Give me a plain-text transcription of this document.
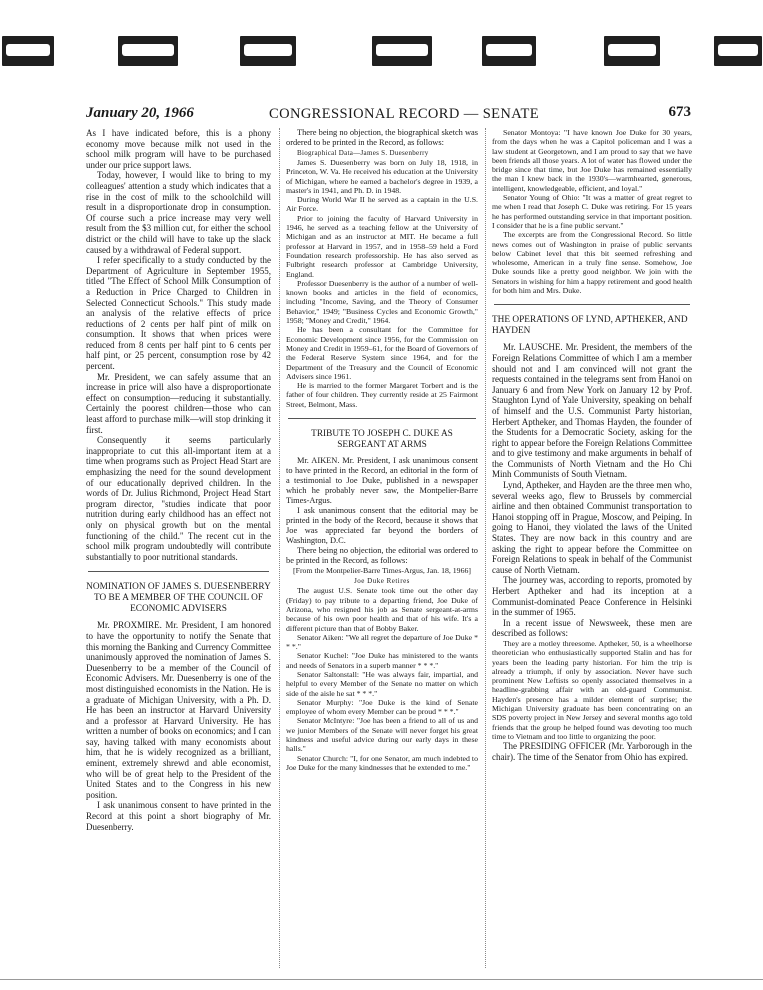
January 20, 1966	CONGRESSIONAL RECORD — SENATE	673

As I have indicated before, this is a phony economy move because milk not used in the school milk program will have to be purchased under our price support laws.

Today, however, I would like to bring to my colleagues' attention a study which indicates that a rise in the cost of milk to the schoolchild will result in a disproportionate drop in consumption. Of course such a price increase may very well result from the $3 million cut, for either the school district or the child will have to take up the slack caused by a withdrawal of Federal support.

I refer specifically to a study conducted by the Department of Agriculture in September 1955, titled "The Effect of School Milk Consumption of a Reduction in Price Charged to Children in Selected Connecticut Schools." This study made an analysis of the relative effects of price reductions of 2 cents per half pint of milk on consumption. It shows that when prices were reduced from 8 cents per half pint to 6 cents per half pint, or 25 percent, consumption rose by 42 percent.

Mr. President, we can safely assume that an increase in price will also have a disproportionate effect on consumption—reducing it substantially. Certainly the poorest children—those who can least afford to purchase milk—will stop drinking it first.

Consequently it seems particularly inappropriate to cut this all-important item at a time when programs such as Project Head Start are emphasizing the need for the sound development of our educationally deprived children. In the words of Dr. Julius Richmond, Project Head Start program director, "studies indicate that poor nutrition during early childhood has an effect not only on physical growth but on the mental functioning of the child." The recent cut in the school milk program undoubtedly will contribute substantially to poor nutritional standards.

NOMINATION OF JAMES S. DUESENBERRY TO BE A MEMBER OF THE COUNCIL OF ECONOMIC ADVISERS

Mr. PROXMIRE. Mr. President, I am honored to have the opportunity to notify the Senate that this morning the Banking and Currency Committee unanimously approved the nomination of James S. Duesenberry to be a member of the Council of Economic Advisers. Mr. Duesenberry is one of the most distinguished economists in the Nation. He is a graduate of Michigan University, with a Ph. D. He has been an instructor at Harvard University and a professor at Harvard University. He has written a number of books on economics; and I can say, having talked with many economists about him, that he is widely recognized as a brilliant, eminent, extremely shrewd and able economist, who will be of great help to the President of the United States and to the Congress in his new position.

I ask unanimous consent to have printed in the Record at this point a short biography of Mr. Duesenberry.

There being no objection, the biographical sketch was ordered to be printed in the Record, as follows:

Biographical Data—James S. Duesenberry

James S. Duesenberry was born on July 18, 1918, in Princeton, W. Va. He received his education at the University of Michigan, where he earned a bachelor's degree in 1939, a master's in 1941, and Ph. D. in 1948.

During World War II he served as a captain in the U.S. Air Force.

Prior to joining the faculty of Harvard University in 1946, he served as a teaching fellow at the University of Michigan and as an instructor at MIT. He became a full professor at Harvard in 1957, and in 1958–59 held a Ford Foundation research professorship. He has also served as Fulbright research professor at Cambridge University, England.

Professor Duesenberry is the author of a number of well-known books and articles in the field of economics, including "Income, Saving, and the Theory of Consumer Behavior," 1949; "Business Cycles and Economic Growth," 1958; "Money and Credit," 1964.

He has been a consultant for the Committee for Economic Development since 1956, for the Commission on Money and Credit in 1959–61, for the Board of Governors of the Federal Reserve System since 1964, and for the Department of the Treasury and the Council of Economic Advisers since 1961.

He is married to the former Margaret Torbert and is the father of four children. They currently reside at 25 Fairmont Street, Belmont, Mass.

TRIBUTE TO JOSEPH C. DUKE AS SERGEANT AT ARMS

Mr. AIKEN. Mr. President, I ask unanimous consent to have printed in the Record, an editorial in the form of a testimonial to Joe Duke, published in a newspaper which he probably never saw, the Montpelier-Barre Times-Argus.

I ask unanimous consent that the editorial may be printed in the body of the Record, because it shows that Joe was appreciated far beyond the borders of Washington, D.C.

There being no objection, the editorial was ordered to be printed in the Record, as follows:

[From the Montpelier-Barre Times-Argus, Jan. 18, 1966]

Joe Duke Retires

The august U.S. Senate took time out the other day (Friday) to pay tribute to a departing friend, Joe Duke of Arizona, who resigned his job as Senate sergeant-at-arms because of his own poor health and that of his wife. It's a different picture than that of Bobby Baker.

Senator Aiken: "We all regret the departure of Joe Duke * * *."

Senator Kuchel: "Joe Duke has ministered to the wants and needs of Senators in a superb manner * * *."

Senator Saltonstall: "He was always fair, impartial, and helpful to every Member of the Senate no matter on which side of the aisle he sat * * *."

Senator Murphy: "Joe Duke is the kind of Senate employee of whom every Member can be proud * * *."

Senator McIntyre: "Joe has been a friend to all of us and we junior Members of the Senate will never forget his great kindness and useful advice during our early days in these halls."

Senator Church: "I, for one Senator, am much indebted to Joe Duke for the many kindnesses that he extended to me."

Senator Montoya: "I have known Joe Duke for 30 years, from the days when he was a Capitol policeman and I was a law student at Georgetown, and I am proud to say that we have been friends all those years. A lot of water has flowed under the bridge since that time, but Joe Duke has remained essentially the man I knew back in the 1930's—warmhearted, generous, intelligent, knowledgeable, efficient, and loyal."

Senator Young of Ohio: "It was a matter of great regret to me when I read that Joseph C. Duke was retiring. For 15 years he has performed outstanding service in that important position. I consider that he is a fine public servant."

The excerpts are from the Congressional Record. So little news comes out of Washington in praise of public servants below Cabinet level that this bit seemed refreshing and wholesome, American in a truly fine sense. Somehow, Joe Duke sounds like a pretty good neighbor. We join with the Senators in wishing for him a happy retirement and good health for both him and Mrs. Duke.

THE OPERATIONS OF LYND, APTHEKER, AND HAYDEN

Mr. LAUSCHE. Mr. President, the members of the Foreign Relations Committee of which I am a member should not and I am convinced will not grant the requests contained in the telegrams sent from Hanoi on January 6 and from New York on January 12 by Prof. Staughton Lynd of Yale University, speaking on behalf of himself and the U.S. Communist Party historian, Herbert Aptheker, and Thomas Hayden, the founder of the Students for a Democratic Society, asking for the right to appear before the Foreign Relations Committee and to give testimony and make arguments in behalf of the Communists of North Vietnam and the Ho Chi Minh Communists of South Vietnam.

Lynd, Aptheker, and Hayden are the three men who, several weeks ago, flew to Brussels by commercial airline and then obtained Communist transportation to Hanoi stopping off in Prague, Moscow, and Peiping. In going to Hanoi, they violated the laws of the United States. They are now back in this country and are asking the right to appear before the Committee on Foreign Relations to speak in behalf of the Communist cause of North Vietnam.

The journey was, according to reports, promoted by Herbert Aptheker and had its inception at a Communist-dominated Peace Conference in Helsinki in the summer of 1965.

In a recent issue of Newsweek, these men are described as follows:

They are a motley threesome. Aptheker, 50, is a wheelhorse theoretician who enthusiastically supported Stalin and has for years been the leading party historian. For him the trip is already a triumph, if only by association. Never have such prominent New Leftists so openly associated themselves in a headline-grabbing affair with an old-guard Communist. Hayden's presence has a milder element of surprise; the Michigan University graduate has been concentrating on an SDS poverty project in New Jersey and several months ago told friends that the group he helped found was devoting too much time to Vietnam and too little to organizing the poor.

The PRESIDING OFFICER (Mr. Yarborough in the chair). The time of the Senator from Ohio has expired.
